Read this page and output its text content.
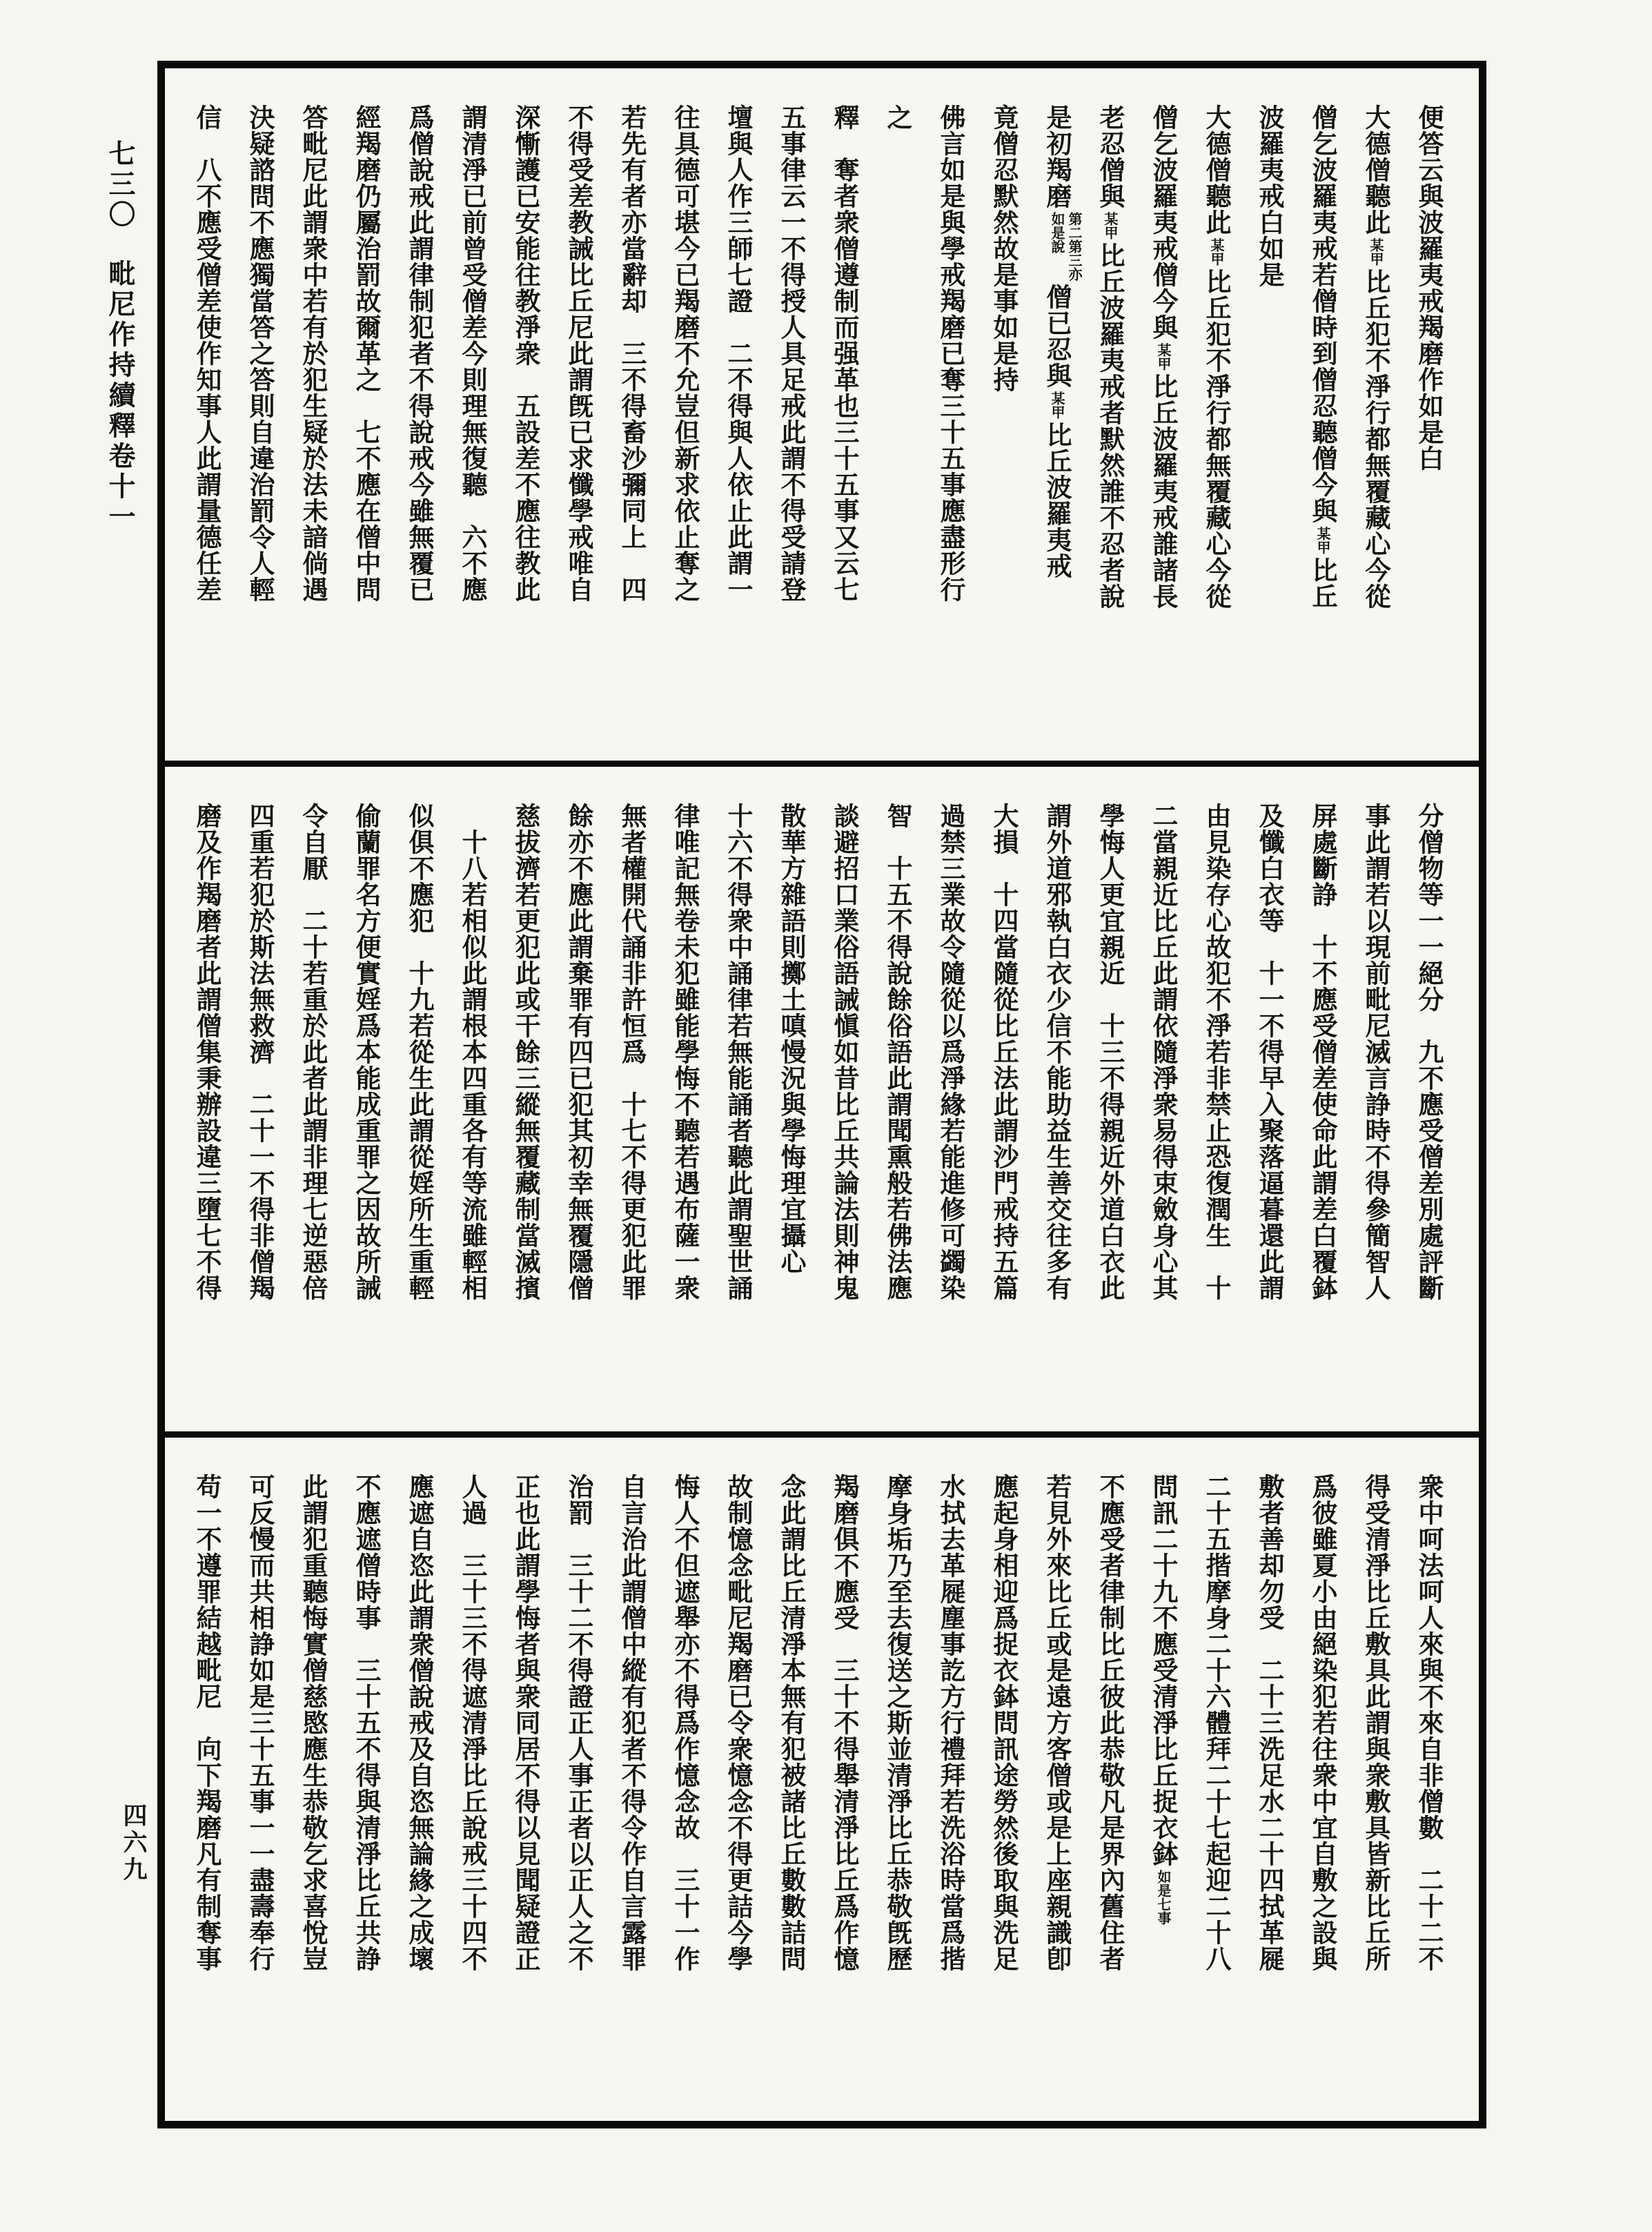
七三〇毗尼作持續釋卷十一
四六九
便答云與波羅夷戒羯磨作如是白
大德僧聽此某甲比丘犯不淨行都無覆藏心今從
僧乞波羅夷戒若僧時到僧忍聽僧今與某甲比丘
波羅夷戒白如是
大德僧聽此某甲比丘犯不淨行都無覆藏心今從
僧乞波羅夷戒僧今與某甲比丘波羅夷戒誰諸長
老忍僧與某甲比丘波羅夷戒者默然誰不忍者說
是初羯磨第二第三亦如是說僧已忍與某甲比丘波羅夷戒
竟僧忍默然故是事如是持
佛言如是與學戒羯磨已奪三十五事應盡形行
之
釋　奪者衆僧遵制而强革也三十五事又云七
五事律云一不得授人具足戒此謂不得受請登
壇與人作三師七證　二不得與人依止此謂一
往具德可堪今已羯磨不允豈但新求依止奪之
若先有者亦當辭却　三不得畜沙彌同上　四
不得受差教誡比丘尼此謂旣已求懺學戒唯自
深慚護已安能往教淨衆　五設差不應往教此
謂清淨已前曾受僧差今則理無復聽　六不應
爲僧說戒此謂律制犯者不得說戒今雖無覆已
經羯磨仍屬治罰故爾革之　七不應在僧中問
答毗尼此謂衆中若有於犯生疑於法未諳倘遇
決疑諮問不應獨當答之答則自違治罰令人輕
信　八不應受僧差使作知事人此謂量德任差
分僧物等一一絕分　九不應受僧差別處評斷
事此謂若以現前毗尼滅言諍時不得參簡智人
屏處斷諍　十不應受僧差使命此謂差白覆鉢
及懺白衣等　十一不得早入聚落逼暮還此謂
由見染存心故犯不淨若非禁止恐復潤生　十
二當親近比丘此謂依隨淨衆易得束斂身心其
學悔人更宜親近　十三不得親近外道白衣此
謂外道邪執白衣少信不能助益生善交往多有
大損　十四當隨從比丘法此謂沙門戒持五篇
過禁三業故令隨從以爲淨緣若能進修可蠲染
智　十五不得說餘俗語此謂聞熏般若佛法應
談避招口業俗語誡愼如昔比丘共論法則神鬼
散華方雜語則擲土嗔慢況與學悔理宜攝心
十六不得衆中誦律若無能誦者聽此謂聖世誦
律唯記無卷未犯雖能學悔不聽若遇布薩一衆
無者權開代誦非許恒爲　十七不得更犯此罪
餘亦不應此謂棄罪有四已犯其初幸無覆隱僧
慈拔濟若更犯此或干餘三縱無覆藏制當滅擯
　十八若相似此謂根本四重各有等流雖輕相
似俱不應犯　十九若從生此謂從婬所生重輕
偷蘭罪名方便實婬爲本能成重罪之因故所誡
令自厭　二十若重於此者此謂非理七逆惡倍
四重若犯於斯法無救濟　二十一不得非僧羯
磨及作羯磨者此謂僧集秉辦設違三墮七不得
衆中呵法呵人來與不來自非僧數　二十二不
得受清淨比丘敷具此謂與衆敷具皆新比丘所
爲彼雖夏小由絕染犯若往衆中宜自敷之設與
敷者善却勿受　二十三洗足水二十四拭革屣
二十五揩摩身二十六體拜二十七起迎二十八
問訊二十九不應受清淨比丘捉衣鉢如是七事
不應受者律制比丘彼此恭敬凡是界內舊住者
若見外來比丘或是遠方客僧或是上座親識卽
應起身相迎爲捉衣鉢問訊途勞然後取與洗足
水拭去革屣塵事訖方行禮拜若洗浴時當爲揩
摩身垢乃至去復送之斯並清淨比丘恭敬旣歷
羯磨俱不應受　三十不得舉清淨比丘爲作憶
念此謂比丘清淨本無有犯被諸比丘數數詰問
故制憶念毗尼羯磨已令衆憶念不得更詰今學
悔人不但遮舉亦不得爲作憶念故　三十一作
自言治此謂僧中縱有犯者不得令作自言露罪
治罰　三十二不得證正人事正者以正人之不
正也此謂學悔者與衆同居不得以見聞疑證正
人過　三十三不得遮清淨比丘說戒三十四不
應遮自恣此謂衆僧說戒及自恣無論緣之成壞
不應遮僧時事　三十五不得與清淨比丘共諍
此謂犯重聽悔實僧慈愍應生恭敬乞求喜悅豈
可反慢而共相諍如是三十五事一一盡壽奉行
苟一不遵罪結越毗尼　向下羯磨凡有制奪事
